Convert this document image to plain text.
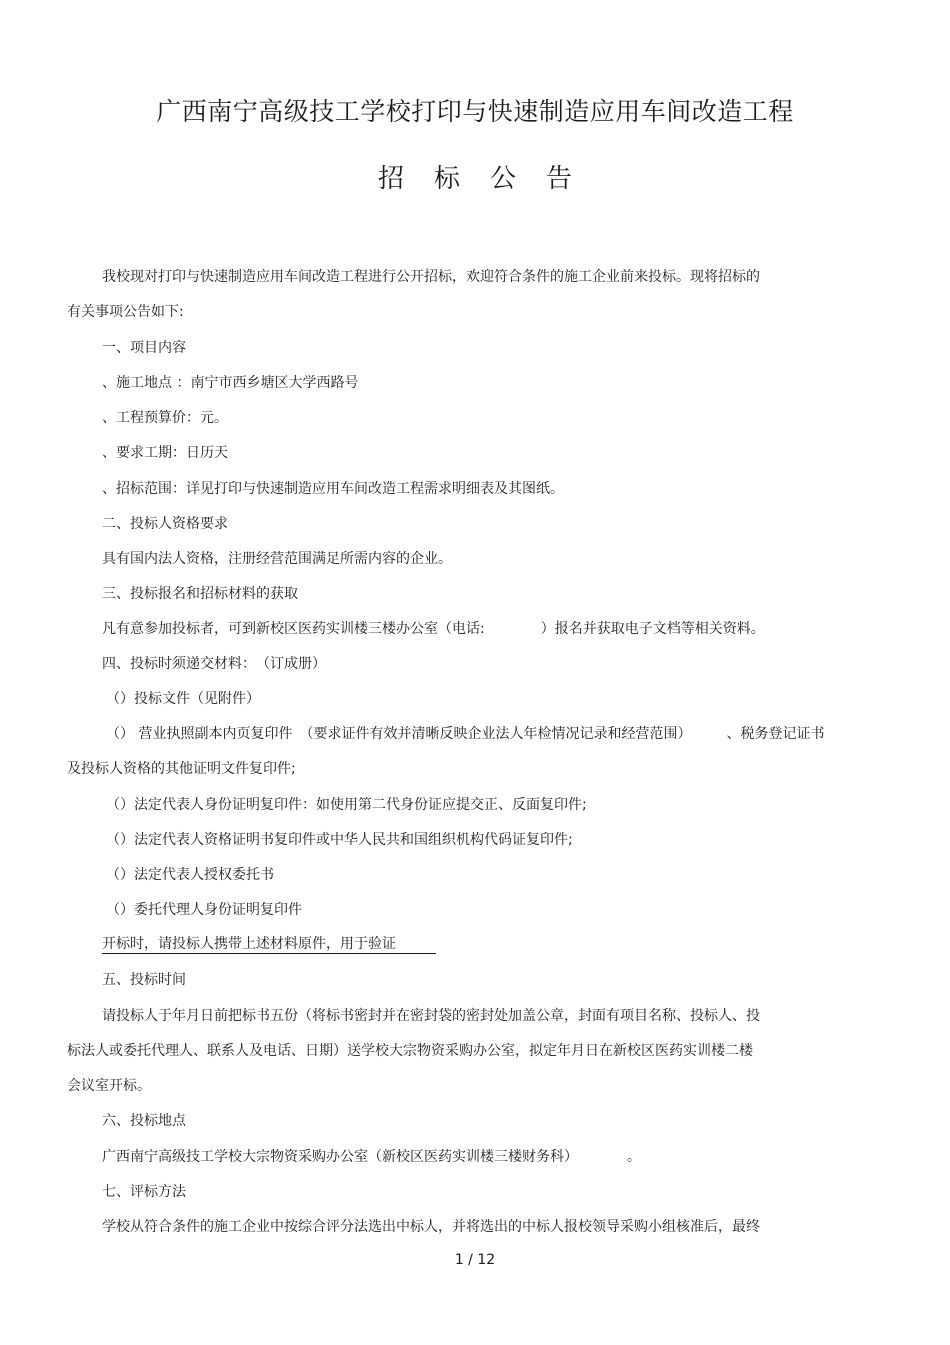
广西南宁高级技工学校打印与快速制造应用车间改造工程
招 标 公 告
我校现对打印与快速制造应用车间改造工程进行公开招标，欢迎符合条件的施工企业前来投标。现将招标的
有关事项公告如下:
一、项目内容
、施工地点 ：南宁市西乡塘区大学西路号
、工程预算价：元。
、要求工期：日历天
、招标范围：详见打印与快速制造应用车间改造工程需求明细表及其图纸。
二、投标人资格要求
具有国内法人资格，注册经营范围满足所需内容的企业。
三、投标报名和招标材料的获取
凡有意参加投标者，可到新校区医药实训楼三楼办公室（电话:　　　　）报名并获取电子文档等相关资料。
四、投标时须递交材料：　（订成册）
（）投标文件（见附件）
（） 营业执照副本内页复印件　（要求证件有效并清晰反映企业法人年检情况记录和经营范围）　　　、税务登记证书
及投标人资格的其他证明文件复印件;
（）法定代表人身份证明复印件：如使用第二代身份证应提交正、反面复印件;
（）法定代表人资格证明书复印件或中华人民共和国组织机构代码证复印件;
（）法定代表人授权委托书
（）委托代理人身份证明复印件
开标时，请投标人携带上述材料原件，用于验证
五、投标时间
请投标人于年月日前把标书五份（将标书密封并在密封袋的密封处加盖公章，封面有项目名称、投标人、投
标法人或委托代理人、联系人及电话、日期）送学校大宗物资采购办公室，拟定年月日在新校区医药实训楼二楼
会议室开标。
六、投标地点
广西南宁高级技工学校大宗物资采购办公室（新校区医药实训楼三楼财务科）　　　　。
七、评标方法
学校从符合条件的施工企业中按综合评分法选出中标人，并将选出的中标人报校领导采购小组核准后，最终
1 / 12
